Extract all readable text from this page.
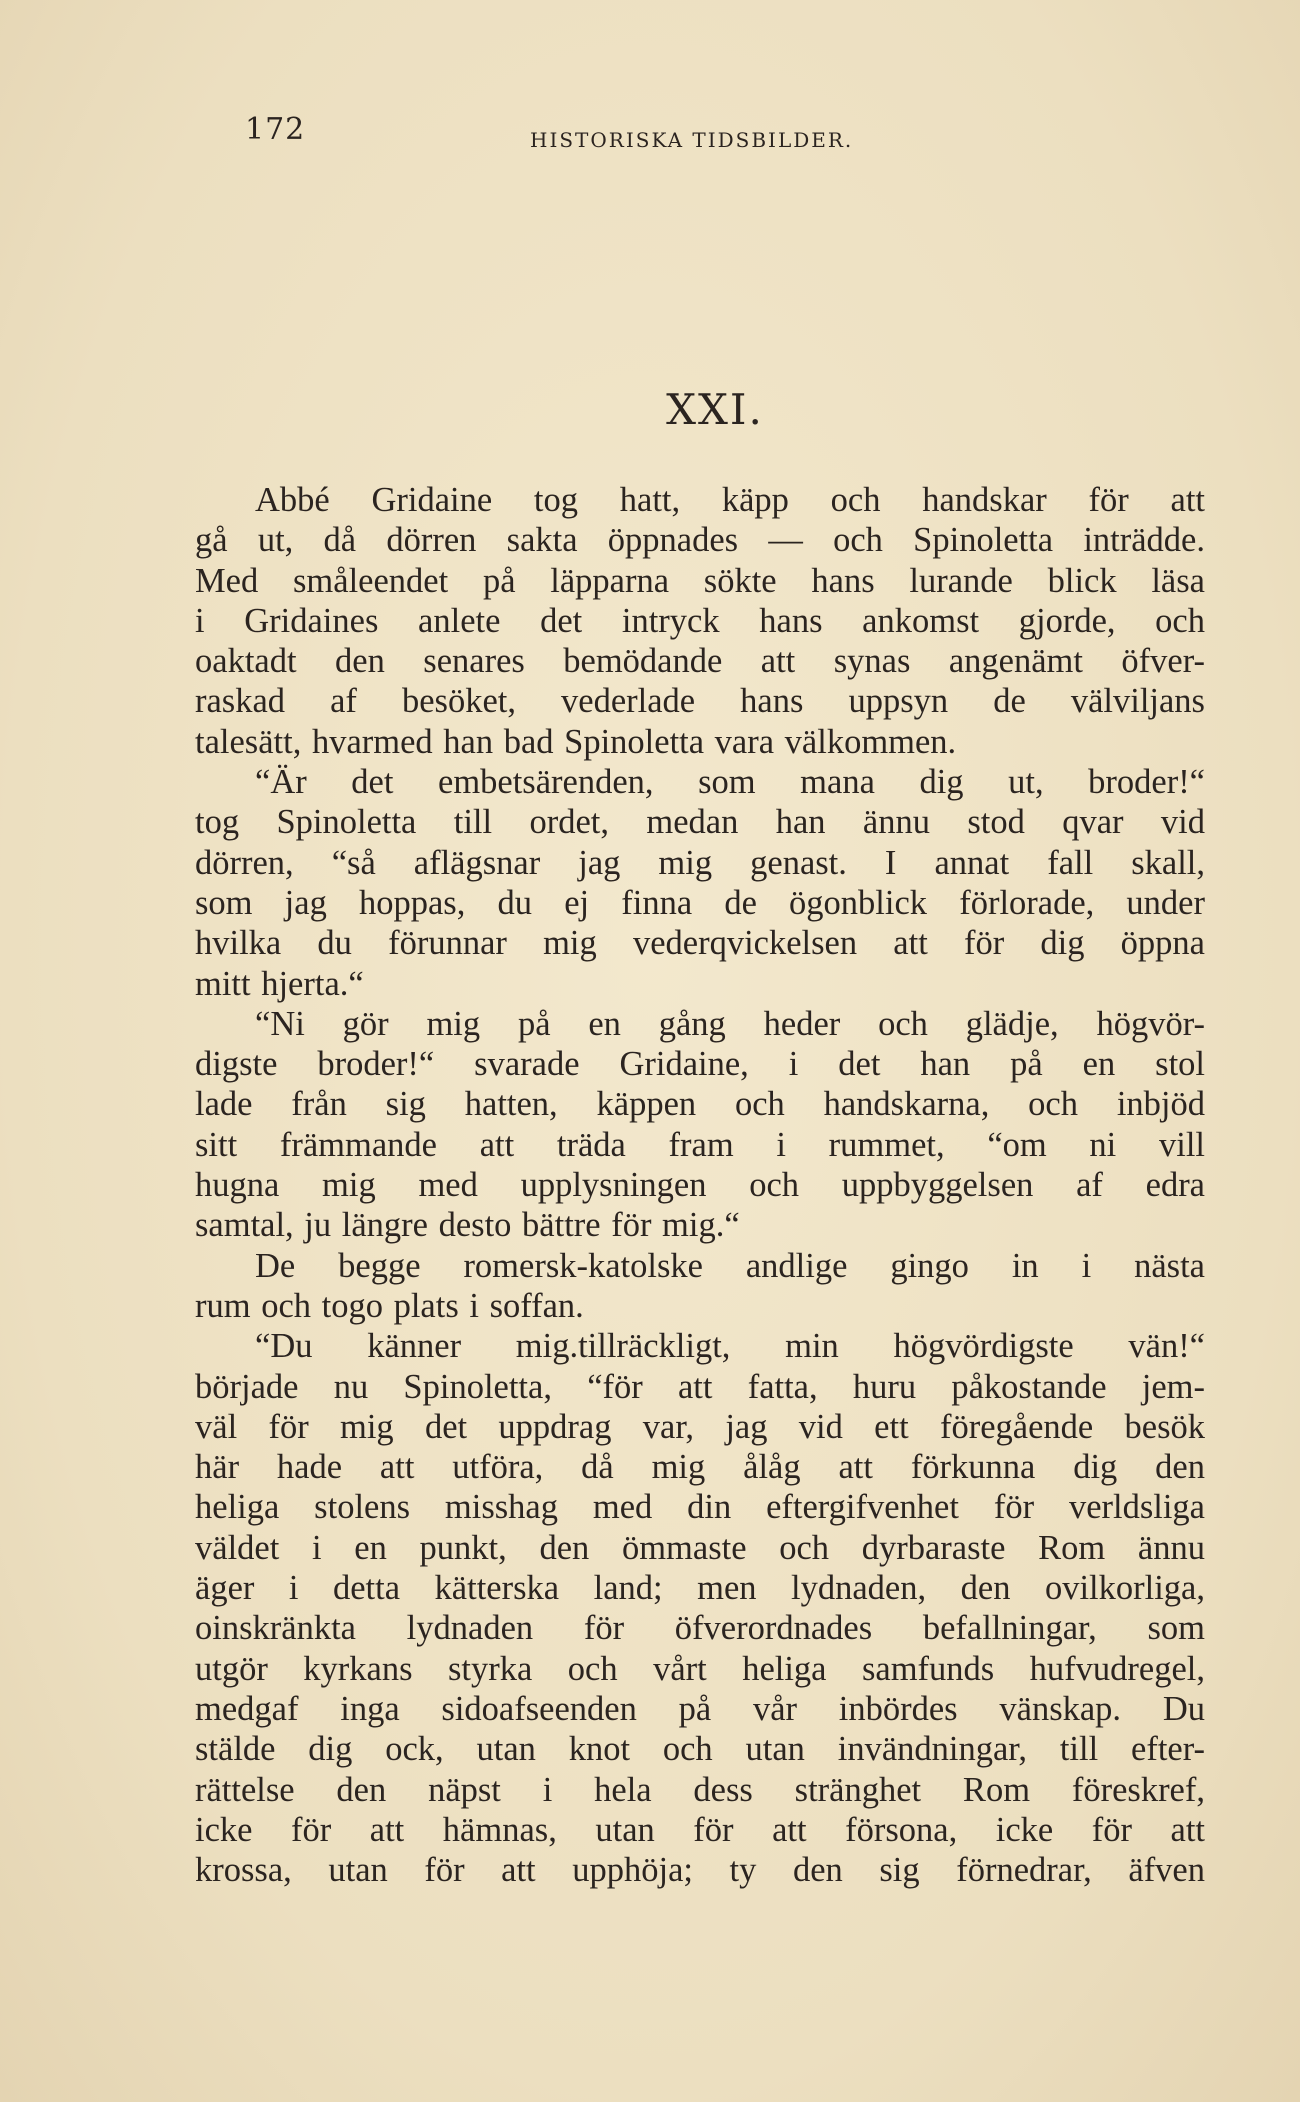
172	HISTORISKA TIDSBILDER.
XXI.
Abbé Gridaine tog hatt, käpp och handskar för att
gå ut, då dörren sakta öppnades — och Spinoletta inträdde.
Med småleendet på läpparna sökte hans lurande blick läsa
i Gridaines anlete det intryck hans ankomst gjorde, och
oaktadt den senares bemödande att synas angenämt öfver-
raskad af besöket, vederlade hans uppsyn de välviljans
talesätt, hvarmed han bad Spinoletta vara välkommen.
“Är det embetsärenden, som mana dig ut, broder!“
tog Spinoletta till ordet, medan han ännu stod qvar vid
dörren, “så aflägsnar jag mig genast. I annat fall skall,
som jag hoppas, du ej finna de ögonblick förlorade, under
hvilka du förunnar mig vederqvickelsen att för dig öppna
mitt hjerta.“
“Ni gör mig på en gång heder och glädje, högvör-
digste broder!“ svarade Gridaine, i det han på en stol
lade från sig hatten, käppen och handskarna, och inbjöd
sitt främmande att träda fram i rummet, “om ni vill
hugna mig med upplysningen och uppbyggelsen af edra
samtal, ju längre desto bättre för mig.“
De begge romersk-katolske andlige gingo in i nästa
rum och togo plats i soffan.
“Du känner mig.tillräckligt, min högvördigste vän!“
började nu Spinoletta, “för att fatta, huru påkostande jem-
väl för mig det uppdrag var, jag vid ett föregående besök
här hade att utföra, då mig ålåg att förkunna dig den
heliga stolens misshag med din eftergifvenhet för verldsliga
väldet i en punkt, den ömmaste och dyrbaraste Rom ännu
äger i detta kätterska land; men lydnaden, den ovilkorliga,
oinskränkta lydnaden för öfverordnades befallningar, som
utgör kyrkans styrka och vårt heliga samfunds hufvudregel,
medgaf inga sidoafseenden på vår inbördes vänskap. Du
stälde dig ock, utan knot och utan invändningar, till efter-
rättelse den näpst i hela dess stränghet Rom föreskref,
icke för att hämnas, utan för att försona, icke för att
krossa, utan för att upphöja; ty den sig förnedrar, äfven
